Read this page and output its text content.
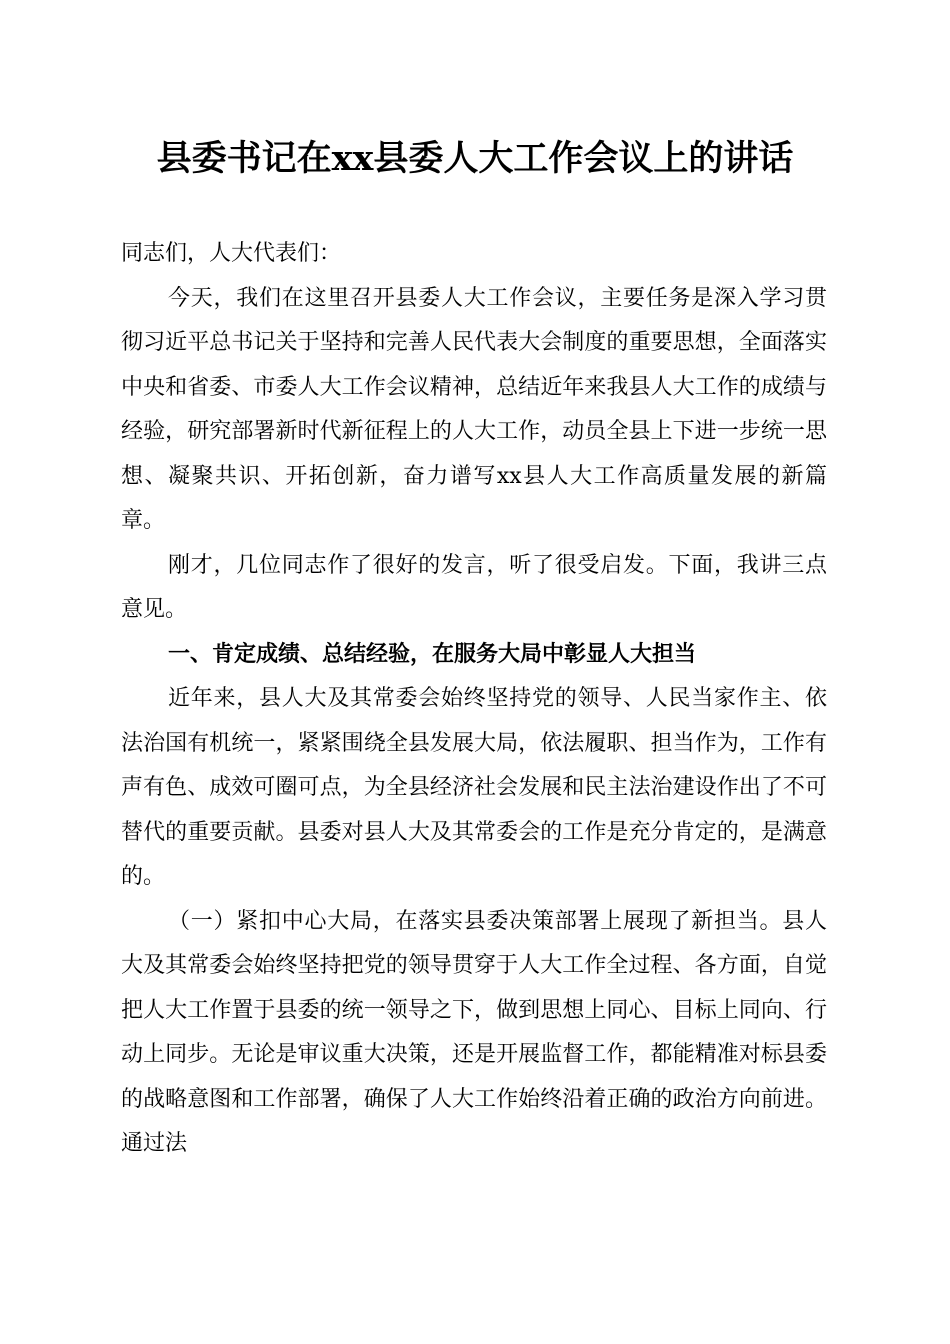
县委书记在xx县委人大工作会议上的讲话

同志们，人大代表们：

今天，我们在这里召开县委人大工作会议，主要任务是深入学习贯彻习近平总书记关于坚持和完善人民代表大会制度的重要思想，全面落实中央和省委、市委人大工作会议精神，总结近年来我县人大工作的成绩与经验，研究部署新时代新征程上的人大工作，动员全县上下进一步统一思想、凝聚共识、开拓创新，奋力谱写xx县人大工作高质量发展的新篇章。

刚才，几位同志作了很好的发言，听了很受启发。下面，我讲三点意见。

一、肯定成绩、总结经验，在服务大局中彰显人大担当

近年来，县人大及其常委会始终坚持党的领导、人民当家作主、依法治国有机统一，紧紧围绕全县发展大局，依法履职、担当作为，工作有声有色、成效可圈可点，为全县经济社会发展和民主法治建设作出了不可替代的重要贡献。县委对县人大及其常委会的工作是充分肯定的，是满意的。

（一）紧扣中心大局，在落实县委决策部署上展现了新担当。县人大及其常委会始终坚持把党的领导贯穿于人大工作全过程、各方面，自觉把人大工作置于县委的统一领导之下，做到思想上同心、目标上同向、行动上同步。无论是审议重大决策，还是开展监督工作，都能精准对标县委的战略意图和工作部署，确保了人大工作始终沿着正确的政治方向前进。通过法
